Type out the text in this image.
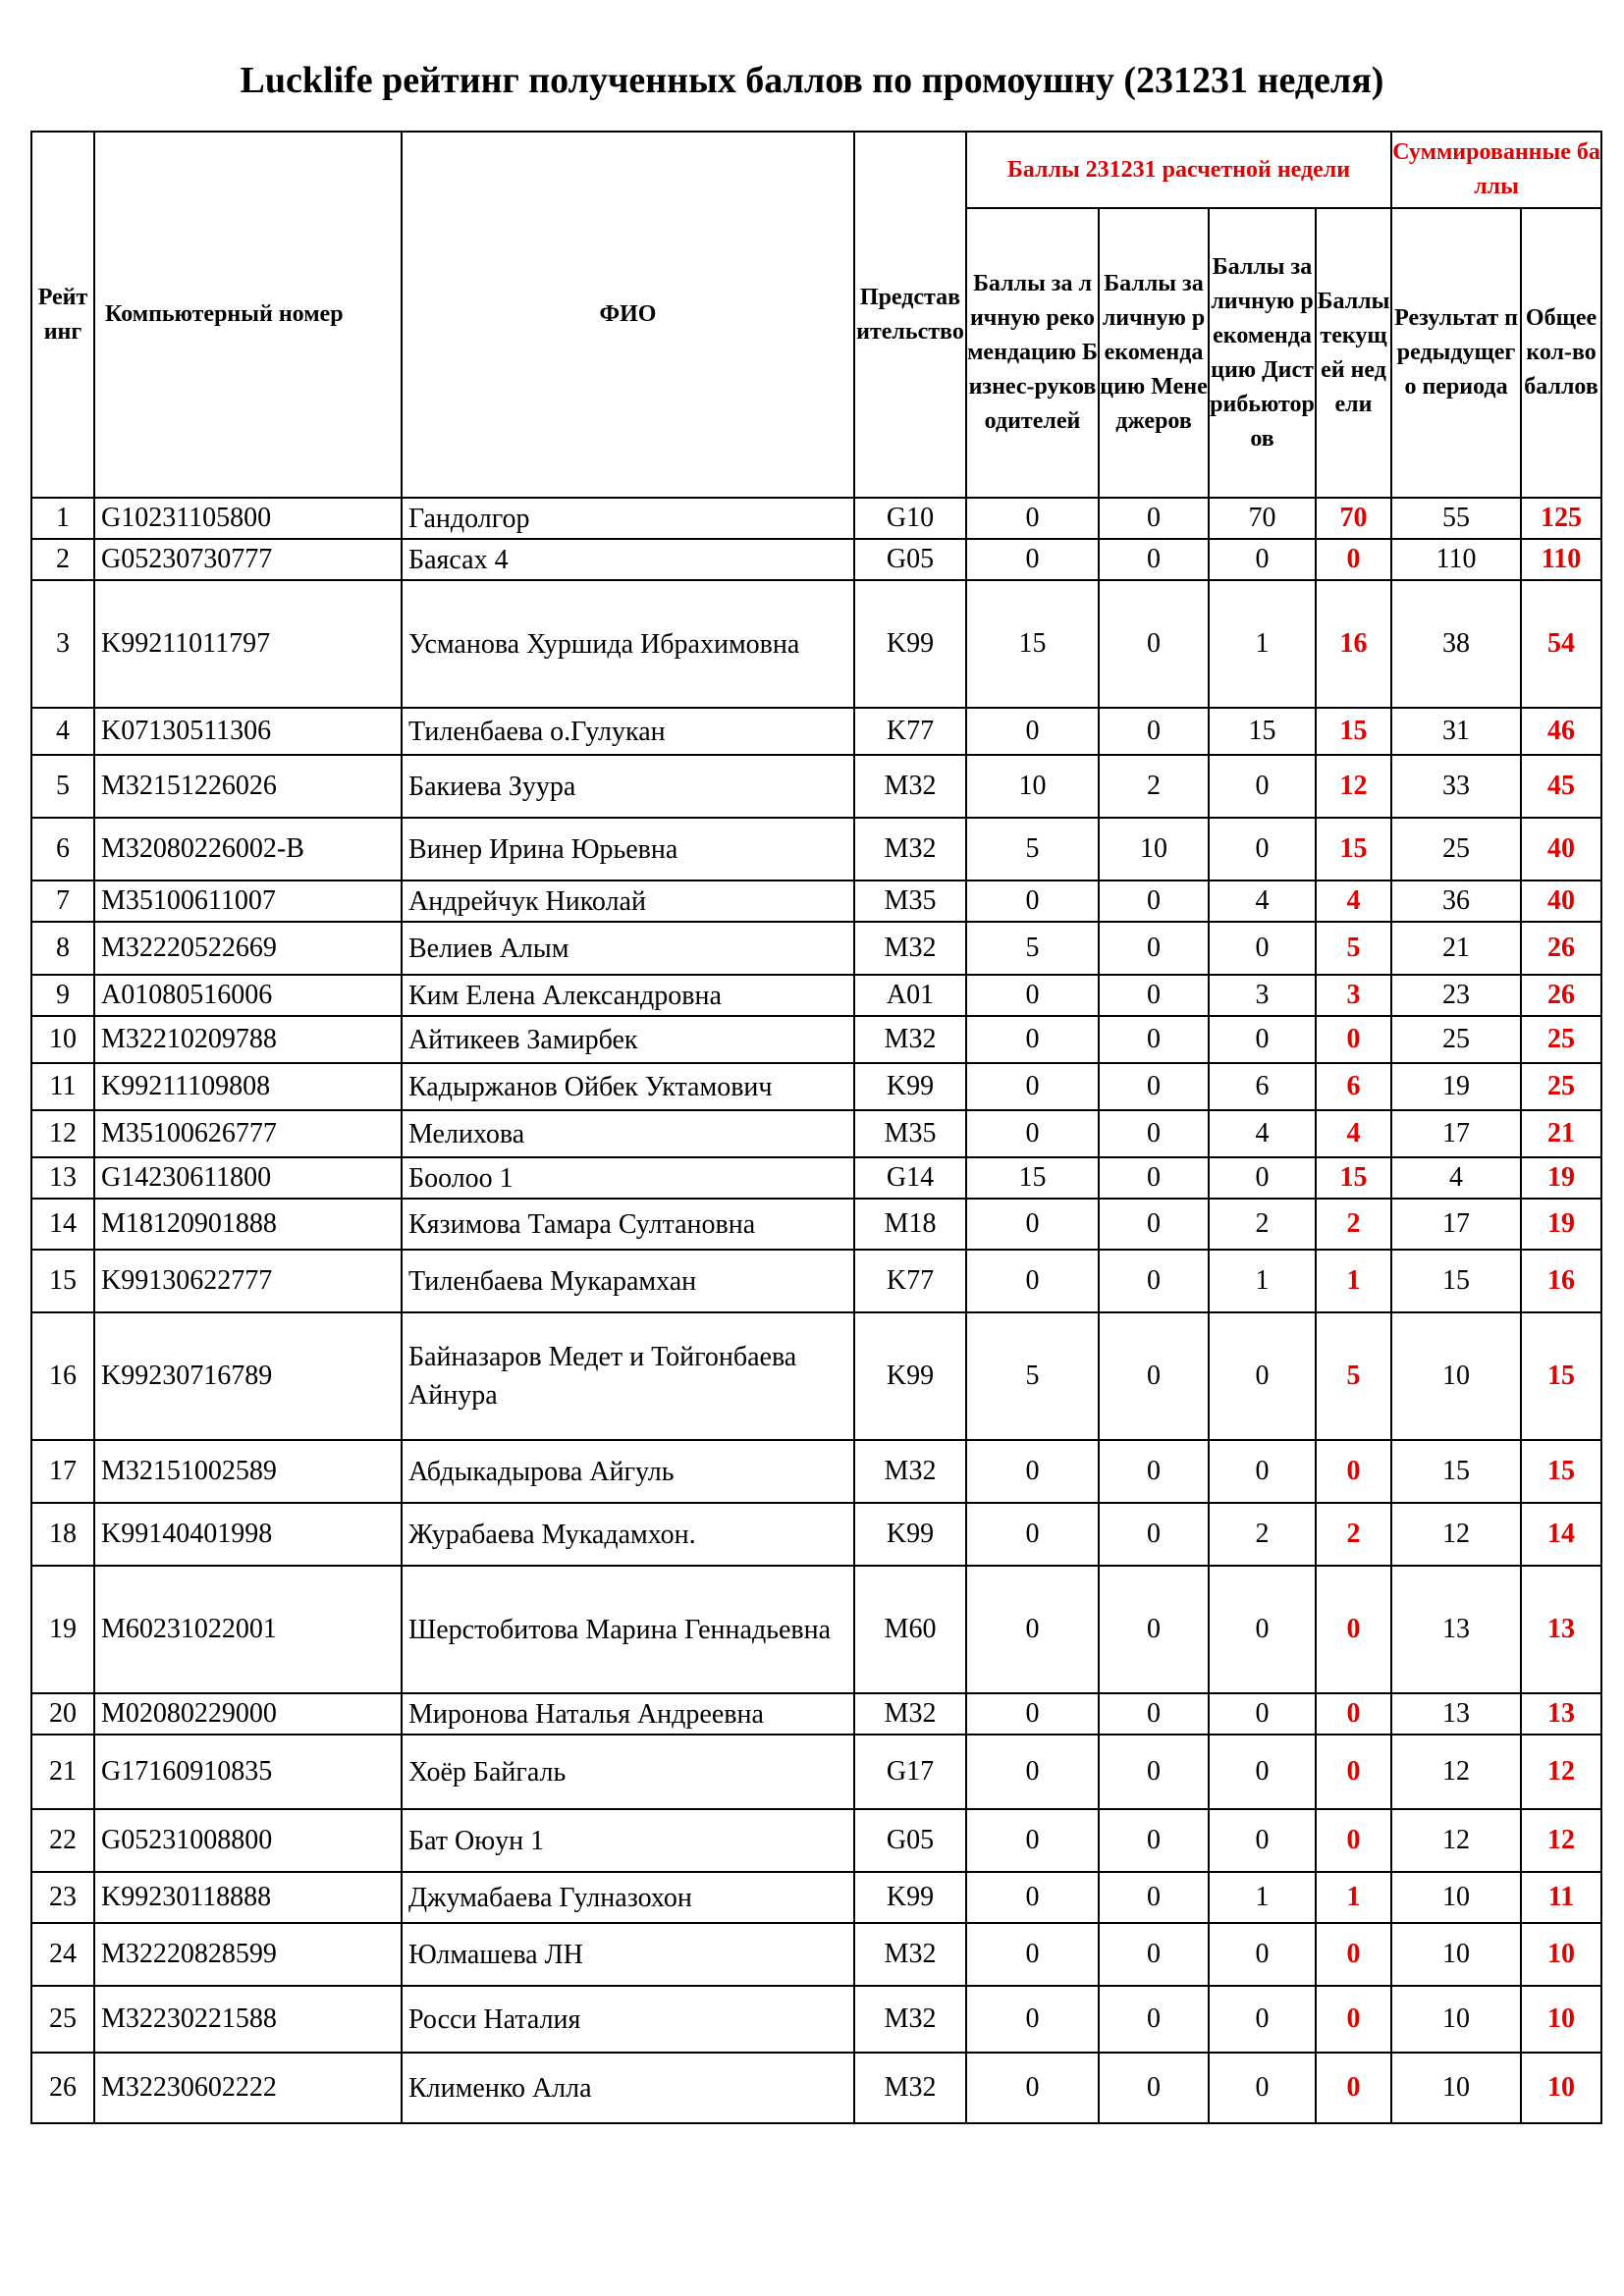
Lucklife рейтинг полученных баллов по промоушну (231231 неделя)
Рейтинг	Компьютерный номер	ФИО	Представительство	Баллы 231231 расчетной недели				Суммированные баллы	
				Баллы за личную рекомендацию Бизнес-руководителей	Баллы за личную рекомендацию Менеджеров	Баллы за личную рекомендацию Дистрибьюторов	Баллы текущей недели	Результат предыдущего периода	Общее кол-во баллов
1	G10231105800	Гандолгор	G10	0	0	70	70	55	125
2	G05230730777	Баясах 4	G05	0	0	0	0	110	110
3	K99211011797	Усманова Хуршида Ибрахимовна	K99	15	0	1	16	38	54
4	K07130511306	Тиленбаева о.Гулукан	K77	0	0	15	15	31	46
5	M32151226026	Бакиева Зуура	M32	10	2	0	12	33	45
6	M32080226002-B	Винер Ирина Юрьевна	M32	5	10	0	15	25	40
7	M35100611007	Андрейчук Николай	M35	0	0	4	4	36	40
8	M32220522669	Велиев Алым	M32	5	0	0	5	21	26
9	A01080516006	Ким Елена Александровна	A01	0	0	3	3	23	26
10	M32210209788	Айтикеев Замирбек	M32	0	0	0	0	25	25
11	K99211109808	Кадыржанов Ойбек Уктамович	K99	0	0	6	6	19	25
12	M35100626777	Мелихова	M35	0	0	4	4	17	21
13	G14230611800	Боолоо 1	G14	15	0	0	15	4	19
14	M18120901888	Кязимова Тамара Султановна	M18	0	0	2	2	17	19
15	K99130622777	Тиленбаева Мукарамхан	K77	0	0	1	1	15	16
16	K99230716789	Байназаров Медет и Тойгонбаева Айнура	K99	5	0	0	5	10	15
17	M32151002589	Абдыкадырова Айгуль	M32	0	0	0	0	15	15
18	K99140401998	Журабаева Мукадамхон.	K99	0	0	2	2	12	14
19	M60231022001	Шерстобитова Марина Геннадьевна	M60	0	0	0	0	13	13
20	M02080229000	Миронова Наталья Андреевна	M32	0	0	0	0	13	13
21	G17160910835	Хоёр Байгаль	G17	0	0	0	0	12	12
22	G05231008800	Бат Оюун 1	G05	0	0	0	0	12	12
23	K99230118888	Джумабаева Гулназохон	K99	0	0	1	1	10	11
24	M32220828599	Юлмашева ЛН	M32	0	0	0	0	10	10
25	M32230221588	Росси Наталия	M32	0	0	0	0	10	10
26	M32230602222	Клименко Алла	M32	0	0	0	0	10	10
